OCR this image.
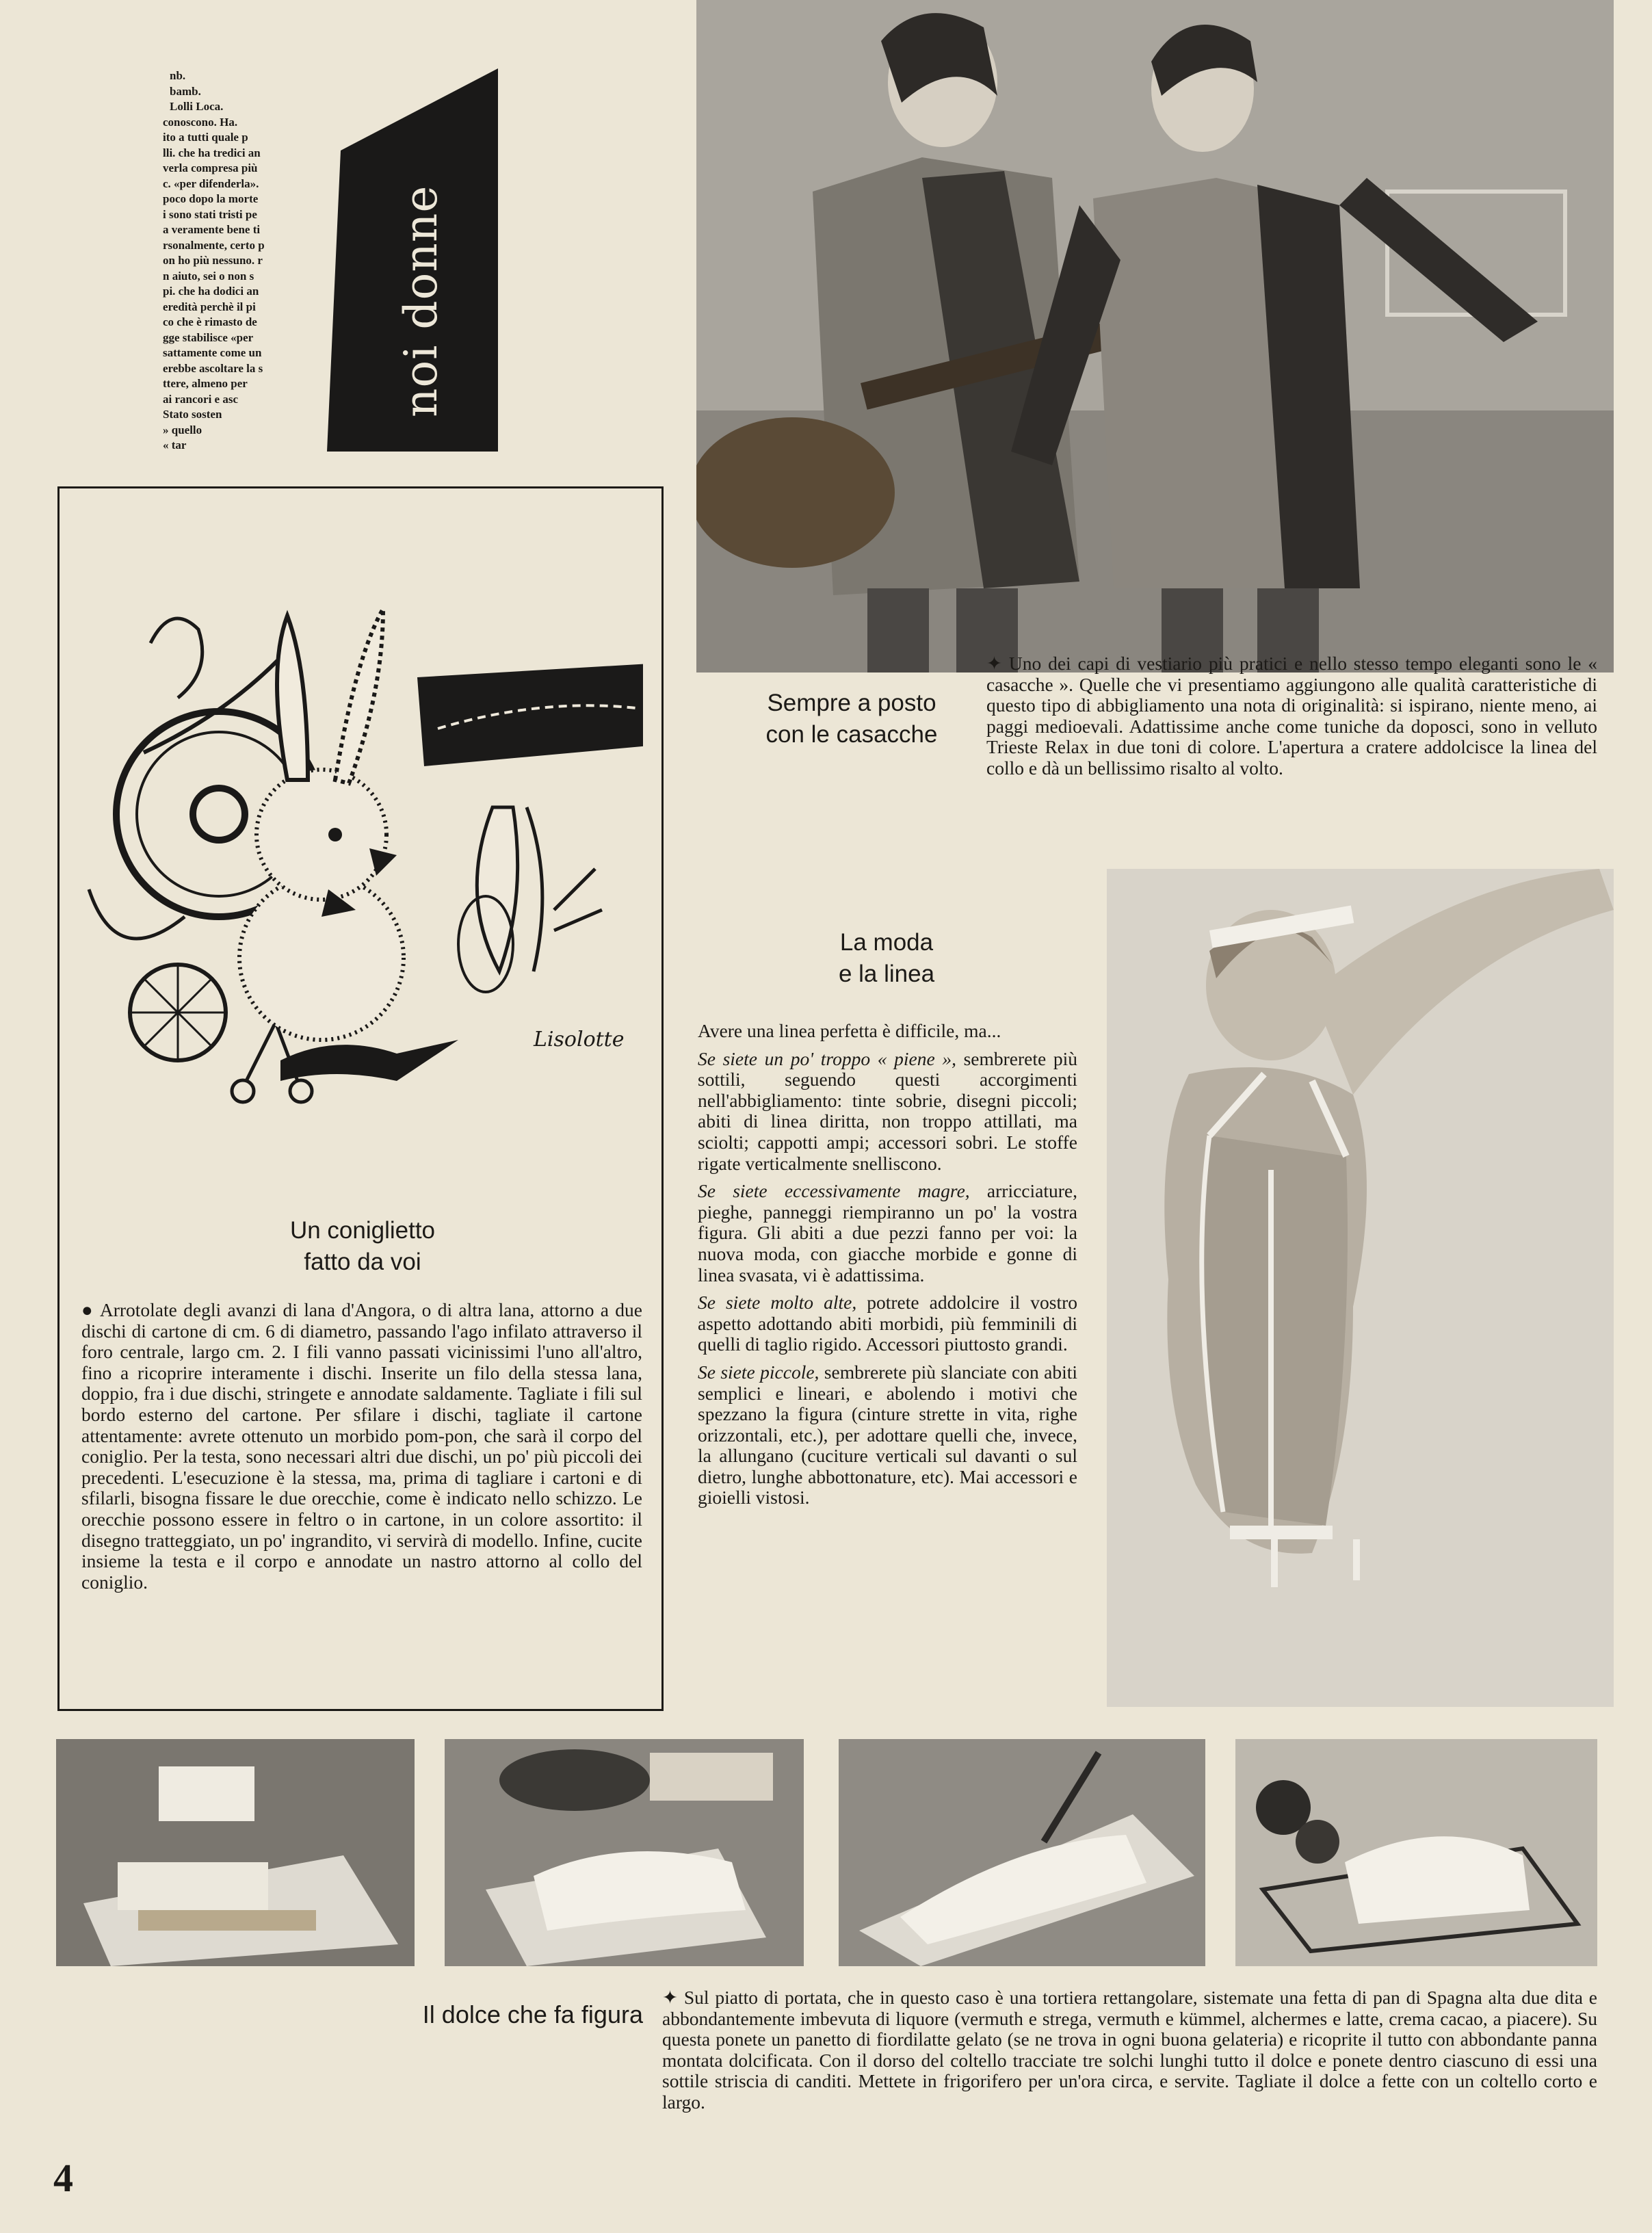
nb.
bamb.
Lolli Loca.
conoscono. Ha.
ito a tutti quale p
lli. che ha tredici an
verla compresa più
c. «per difenderla».
poco dopo la morte
i sono stati tristi pe
a veramente bene ti
rsonalmente, certo p
on ho più nessuno. r
n aiuto, sei o non s
pi. che ha dodici an
eredità perchè il pi
co che è rimasto de
gge stabilisce «per
sattamente come un
erebbe ascoltare la s
ttere, almeno per
ai rancori e asc
Stato sosten
» quello
« tar
noi donne
Sempre a posto
con le casacche
✦ Uno dei capi di vestiario più pratici e nello stesso tempo eleganti sono le « casacche ». Quelle che vi presentiamo aggiungono alle qualità caratteristiche di questo tipo di abbigliamento una nota di originalità: si ispirano, niente meno, ai paggi medioevali. Adattissime anche come tuniche da doposci, sono in velluto Trieste Relax in due toni di colore. L'apertura a cratere addolcisce la linea del collo e dà un bellissimo risalto al volto.
Lisolotte
Un coniglietto
fatto da voi
● Arrotolate degli avanzi di lana d'Angora, o di altra lana, attorno a due dischi di cartone di cm. 6 di diametro, passando l'ago infilato attraverso il foro centrale, largo cm. 2. I fili vanno passati vicinissimi l'uno all'altro, fino a ricoprire interamente i dischi. Inserite un filo della stessa lana, doppio, fra i due dischi, stringete e annodate saldamente. Tagliate i fili sul bordo esterno del cartone. Per sfilare i dischi, tagliate il cartone attentamente: avrete ottenuto un morbido pom-pon, che sarà il corpo del coniglio. Per la testa, sono necessari altri due dischi, un po' più piccoli dei precedenti. L'esecuzione è la stessa, ma, prima di tagliare i cartoni e di sfilarli, bisogna fissare le due orecchie, come è indicato nello schizzo. Le orecchie possono essere in feltro o in cartone, in un colore assortito: il disegno tratteggiato, un po' ingrandito, vi servirà di modello. Infine, cucite insieme la testa e il corpo e annodate un nastro attorno al collo del coniglio.
La moda
e la linea

Avere una linea perfetta è difficile, ma...

Se siete un po' troppo « piene », sembrerete più sottili, seguendo questi accorgimenti nell'abbigliamento: tinte sobrie, disegni piccoli; abiti di linea diritta, non troppo attillati, ma sciolti; cappotti ampi; accessori sobri. Le stoffe rigate verticalmente snelliscono.

Se siete eccessivamente magre, arricciature, pieghe, panneggi riempiranno un po' la vostra figura. Gli abiti a due pezzi fanno per voi: la nuova moda, con giacche morbide e gonne di linea svasata, vi è adattissima.

Se siete molto alte, potrete addolcire il vostro aspetto adottando abiti morbidi, più femminili di quelli di taglio rigido. Accessori piuttosto grandi.

Se siete piccole, sembrerete più slanciate con abiti semplici e lineari, e abolendo i motivi che spezzano la figura (cinture strette in vita, righe orizzontali, etc.), per adottare quelli che, invece, la allungano (cuciture verticali sul davanti o sul dietro, lunghe abbottonature, etc). Mai accessori e gioielli vistosi.

Il dolce che fa figura
✦ Sul piatto di portata, che in questo caso è una tortiera rettangolare, sistemate una fetta di pan di Spagna alta due dita e abbondantemente imbevuta di liquore (vermuth e strega, vermuth e kümmel, alchermes e latte, crema cacao, a piacere). Su questa ponete un panetto di fiordilatte gelato (se ne trova in ogni buona gelateria) e ricoprite il tutto con abbondante panna montata dolcificata. Con il dorso del coltello tracciate tre solchi lunghi tutto il dolce e ponete dentro ciascuno di essi una sottile striscia di canditi. Mettete in frigorifero per un'ora circa, e servite. Tagliate il dolce a fette con un coltello corto e largo.
4
